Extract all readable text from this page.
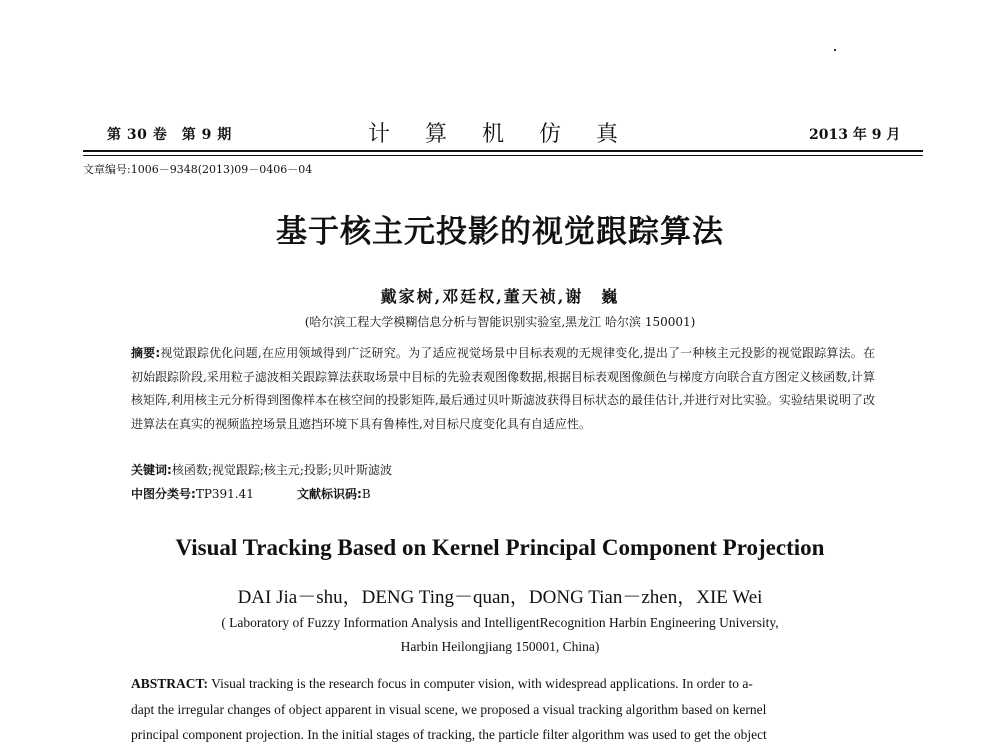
第 30 卷　第 9 期	计 算 机 仿 真	2013 年 9 月
文章编号:1006－9348(2013)09－0406－04
基于核主元投影的视觉跟踪算法
戴家树,邓廷权,董天祯,谢　巍
(哈尔滨工程大学模糊信息分析与智能识别实验室,黑龙江 哈尔滨 150001)
摘要:视觉跟踪优化问题,在应用领域得到广泛研究。为了适应视觉场景中目标表观的无规律变化,提出了一种核主元投影的视觉跟踪算法。在初始跟踪阶段,采用粒子滤波相关跟踪算法获取场景中目标的先验表观图像数据,根据目标表观图像颜色与梯度方向联合直方图定义核函数,计算核矩阵,利用核主元分析得到图像样本在核空间的投影矩阵,最后通过贝叶斯滤波获得目标状态的最佳估计,并进行对比实验。实验结果说明了改进算法在真实的视频监控场景且遮挡环境下具有鲁棒性,对目标尺度变化具有自适应性。
关键词:核函数;视觉跟踪;核主元;投影;贝叶斯滤波
中图分类号:TP391.41	文献标识码:B
Visual Tracking Based on Kernel Principal Component Projection
DAI Jia－shu，DENG Ting－quan，DONG Tian－zhen，XIE Wei
( Laboratory of Fuzzy Information Analysis and IntelligentRecognition Harbin Engineering University,
Harbin Heilongjiang 150001, China)
ABSTRACT: Visual tracking is the research focus in computer vision, with widespread applications. In order to a-
dapt the irregular changes of object apparent in visual scene, we proposed a visual tracking algorithm based on kernel
principal component projection. In the initial stages of tracking, the particle filter algorithm was used to get the object
